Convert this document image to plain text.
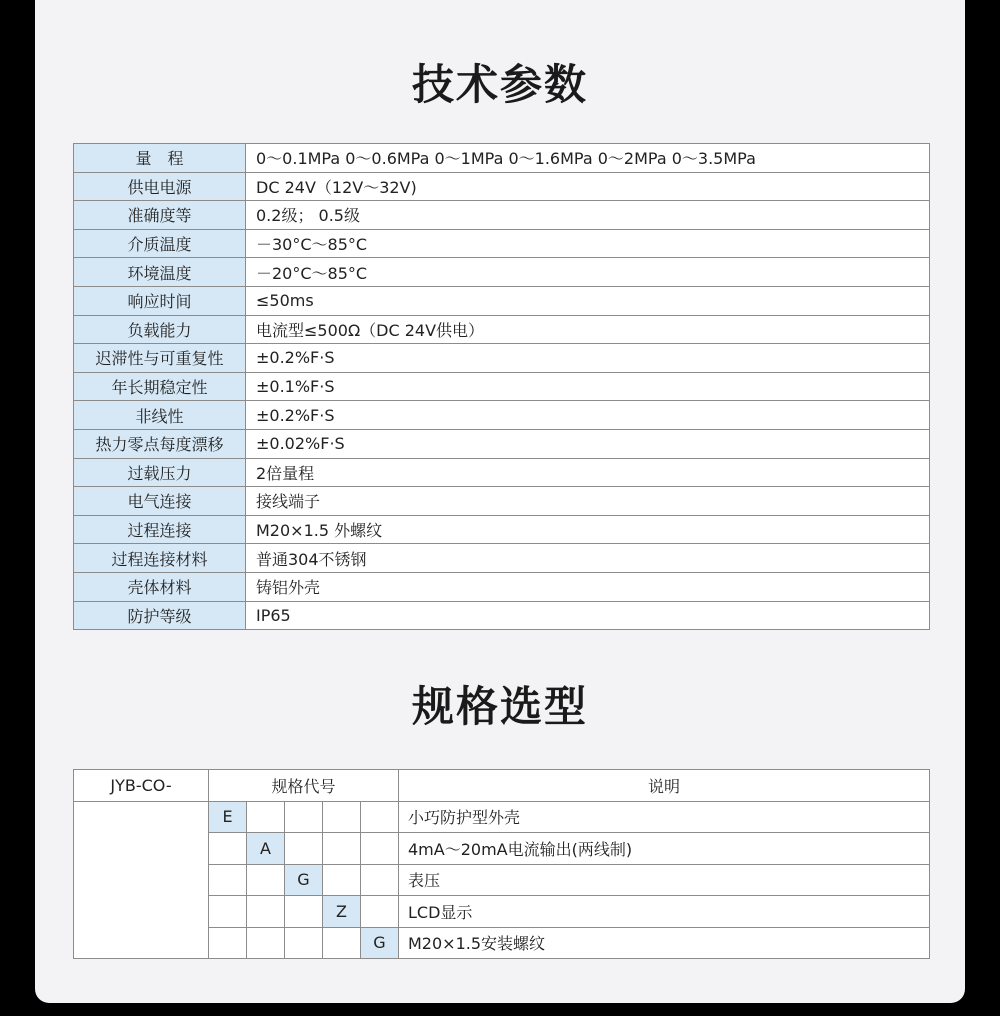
技术参数
量　程	0～0.1MPa 0～0.6MPa 0～1MPa 0～1.6MPa 0～2MPa 0～3.5MPa
供电电源	DC 24V（12V～32V)
准确度等	0.2级； 0.5级
介质温度	－30°C～85°C
环境温度	－20°C～85°C
响应时间	≤50ms
负载能力	电流型≤500Ω（DC 24V供电）
迟滞性与可重复性	±0.2%F·S
年长期稳定性	±0.1%F·S
非线性	±0.2%F·S
热力零点每度漂移	±0.02%F·S
过载压力	2倍量程
电气连接	接线端子
过程连接	M20×1.5 外螺纹
过程连接材料	普通304不锈钢
壳体材料	铸铝外壳
防护等级	IP65
规格选型
JYB-CO-	规格代号					说明
	E					小巧防护型外壳
		A				4mA～20mA电流输出(两线制)
			G			表压
				Z		LCD显示
					G	M20×1.5安装螺纹
